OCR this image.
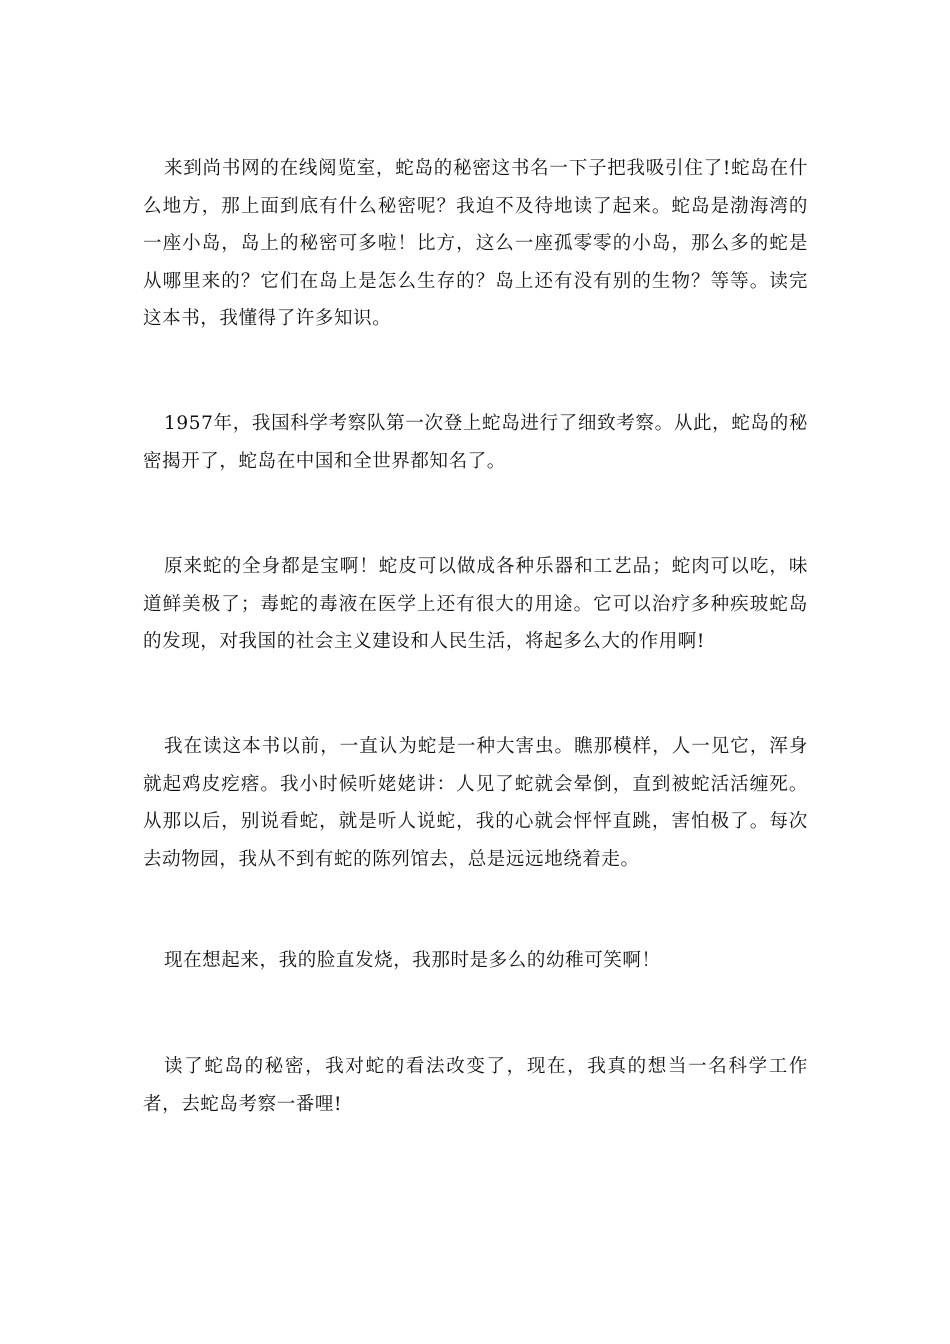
来到尚书网的在线阅览室，蛇岛的秘密这书名一下子把我吸引住了!蛇岛在什么地方，那上面到底有什么秘密呢？我迫不及待地读了起来。蛇岛是渤海湾的一座小岛，岛上的秘密可多啦！比方，这么一座孤零零的小岛，那么多的蛇是从哪里来的？它们在岛上是怎么生存的？岛上还有没有别的生物？等等。读完这本书，我懂得了许多知识。

1957年，我国科学考察队第一次登上蛇岛进行了细致考察。从此，蛇岛的秘密揭开了，蛇岛在中国和全世界都知名了。

原来蛇的全身都是宝啊！蛇皮可以做成各种乐器和工艺品；蛇肉可以吃，味道鲜美极了；毒蛇的毒液在医学上还有很大的用途。它可以治疗多种疾玻蛇岛的发现，对我国的社会主义建设和人民生活，将起多么大的作用啊!

我在读这本书以前，一直认为蛇是一种大害虫。瞧那模样，人一见它，浑身就起鸡皮疙瘩。我小时候听姥姥讲：人见了蛇就会晕倒，直到被蛇活活缠死。从那以后，别说看蛇，就是听人说蛇，我的心就会怦怦直跳，害怕极了。每次去动物园，我从不到有蛇的陈列馆去，总是远远地绕着走。

现在想起来，我的脸直发烧，我那时是多么的幼稚可笑啊！

读了蛇岛的秘密，我对蛇的看法改变了，现在，我真的想当一名科学工作者，去蛇岛考察一番哩!
